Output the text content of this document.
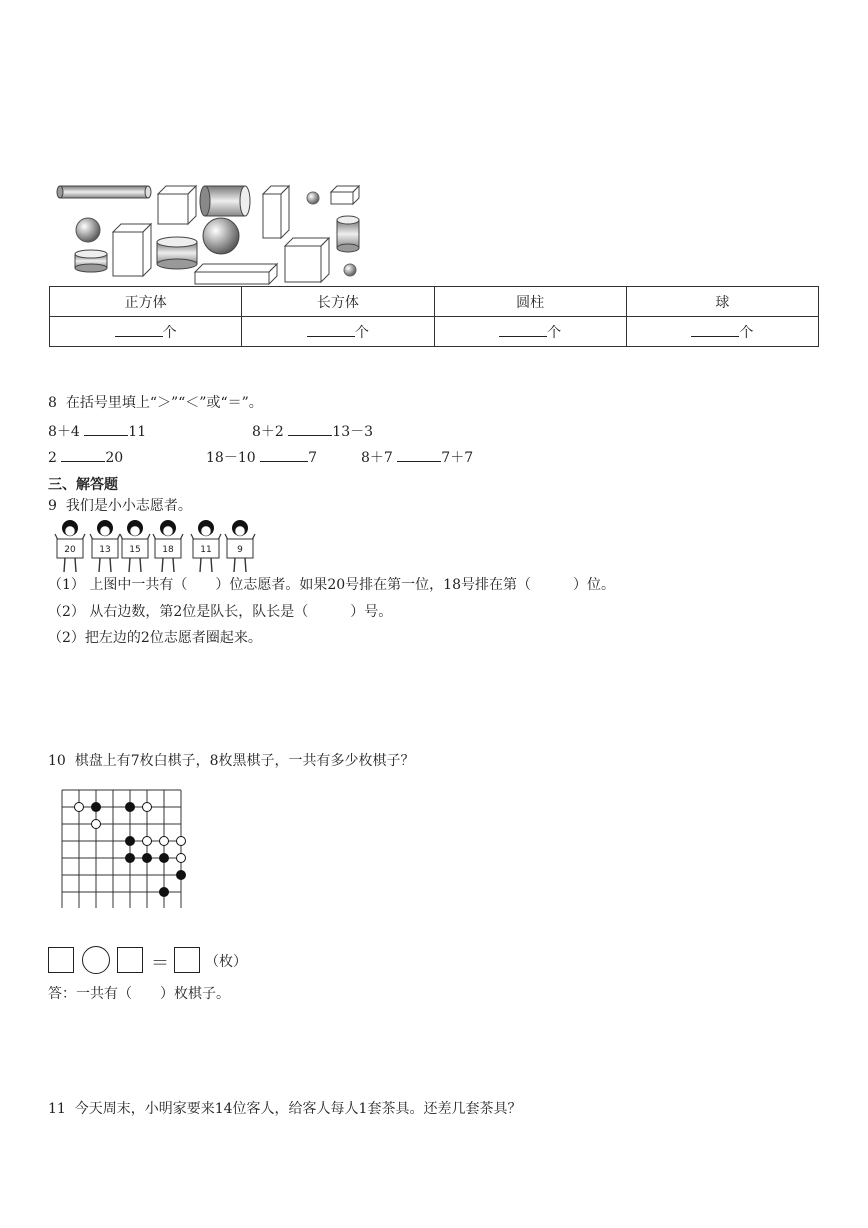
正方体	长方体	圆柱	球
个	个	个	个
8 在括号里填上“＞”“＜”或“＝”。
8＋4	11	8＋2	13－3
2	20	18－10	7	8＋7	7＋7
三、解答题
9 我们是小小志愿者。
20	13 15 18	11	9
（1） 上图中一共有（　　）位志愿者。如果20号排在第一位，18号排在第（　　　）位。
（2） 从右边数，第2位是队长，队长是（　　　）号。
（2）把左边的2位志愿者圈起来。
10 棋盘上有7枚白棋子，8枚黑棋子，一共有多少枚棋子？
＝	（枚）
答：一共有（　　）枚棋子。
11 今天周末，小明家要来14位客人，给客人每人1套茶具。还差几套茶具？
